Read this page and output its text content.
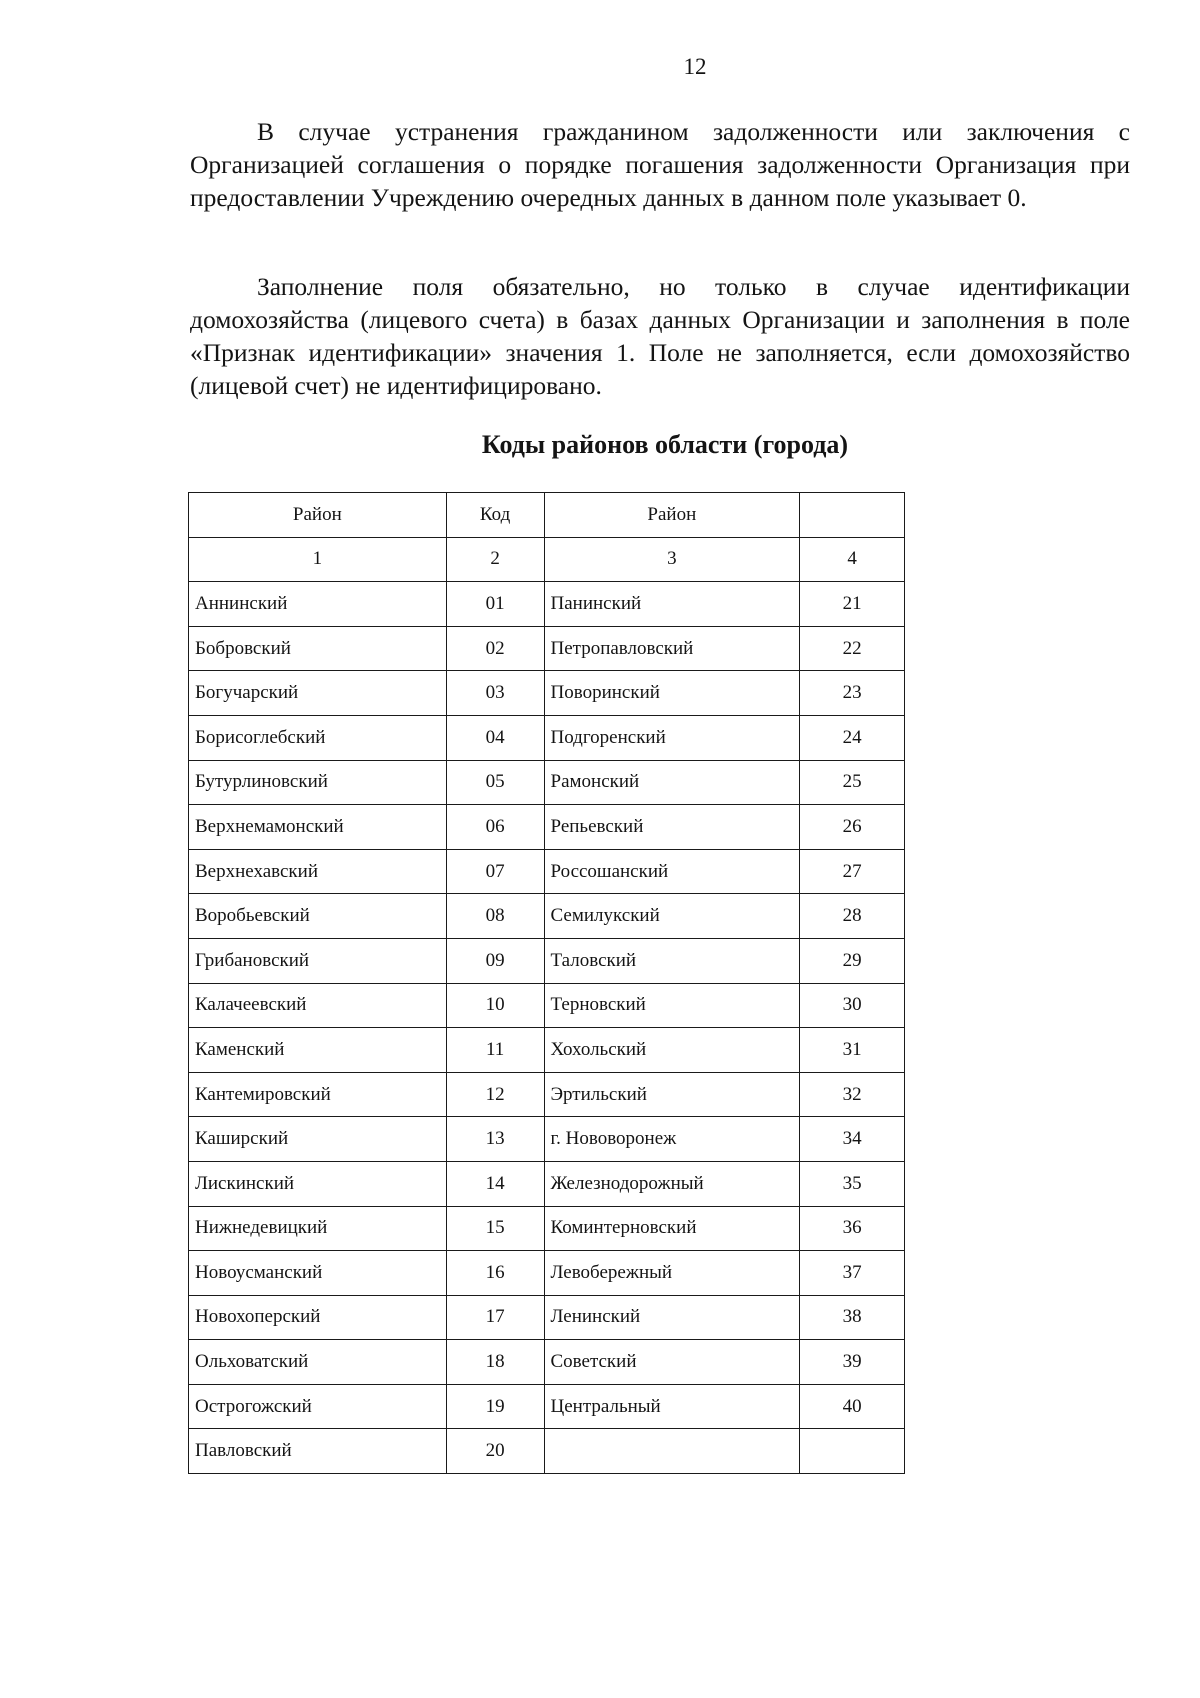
12

В случае устранения гражданином задолженности или заключения с Организацией соглашения о порядке погашения задолженности Организация при предоставлении Учреждению очередных данных в данном поле указывает 0.

Заполнение поля обязательно, но только в случае идентификации домохозяйства (лицевого счета) в базах данных Организации и заполнения в поле «Признак идентификации» значения 1. Поле не заполняется, если домохозяйство (лицевой счет) не идентифицировано.

Коды районов области (города)
Район	Код	Район	
1	2	3	4
Аннинский	01	Панинский	21
Бобровский	02	Петропавловский	22
Богучарский	03	Поворинский	23
Борисоглебский	04	Подгоренский	24
Бутурлиновский	05	Рамонский	25
Верхнемамонский	06	Репьевский	26
Верхнехавский	07	Россошанский	27
Воробьевский	08	Семилукский	28
Грибановский	09	Таловский	29
Калачеевский	10	Терновский	30
Каменский	11	Хохольский	31
Кантемировский	12	Эртильский	32
Каширский	13	г. Нововоронеж	34
Лискинский	14	Железнодорожный	35
Нижнедевицкий	15	Коминтерновский	36
Новоусманский	16	Левобережный	37
Новохоперский	17	Ленинский	38
Ольховатский	18	Советский	39
Острогожский	19	Центральный	40
Павловский	20		
